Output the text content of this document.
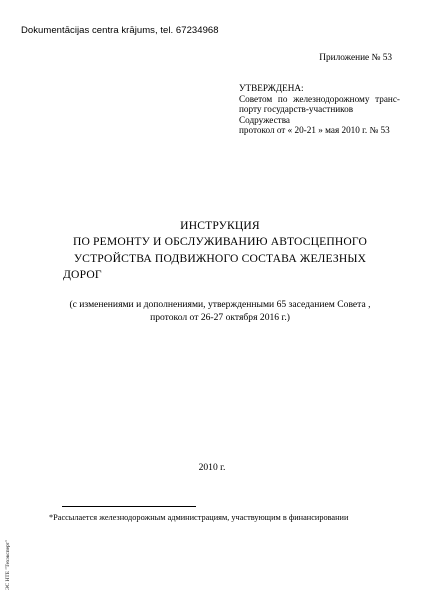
Dokumentācijas centra krājums, tel. 67234968
Приложение № 53
УТВЕРЖДЕНА:
Советом по железнодорожному транс-
порту государств-участников
Содружества
протокол от « 20-21 » мая 2010 г. № 53
ИНСТРУКЦИЯ
ПО РЕМОНТУ И ОБСЛУЖИВАНИЮ АВТОСЦЕПНОГО
УСТРОЙСТВА ПОДВИЖНОГО СОСТАВА ЖЕЛЕЗНЫХ
ДОРОГ
(с изменениями и дополнениями, утвержденными 65 заседанием Совета ,
протокол от 26-27 октября 2016 г.)
2010 г.
*Рассылается железнодорожным администрациям, участвующим в финансировании
ЭС НТЕ "Техэксперт"
